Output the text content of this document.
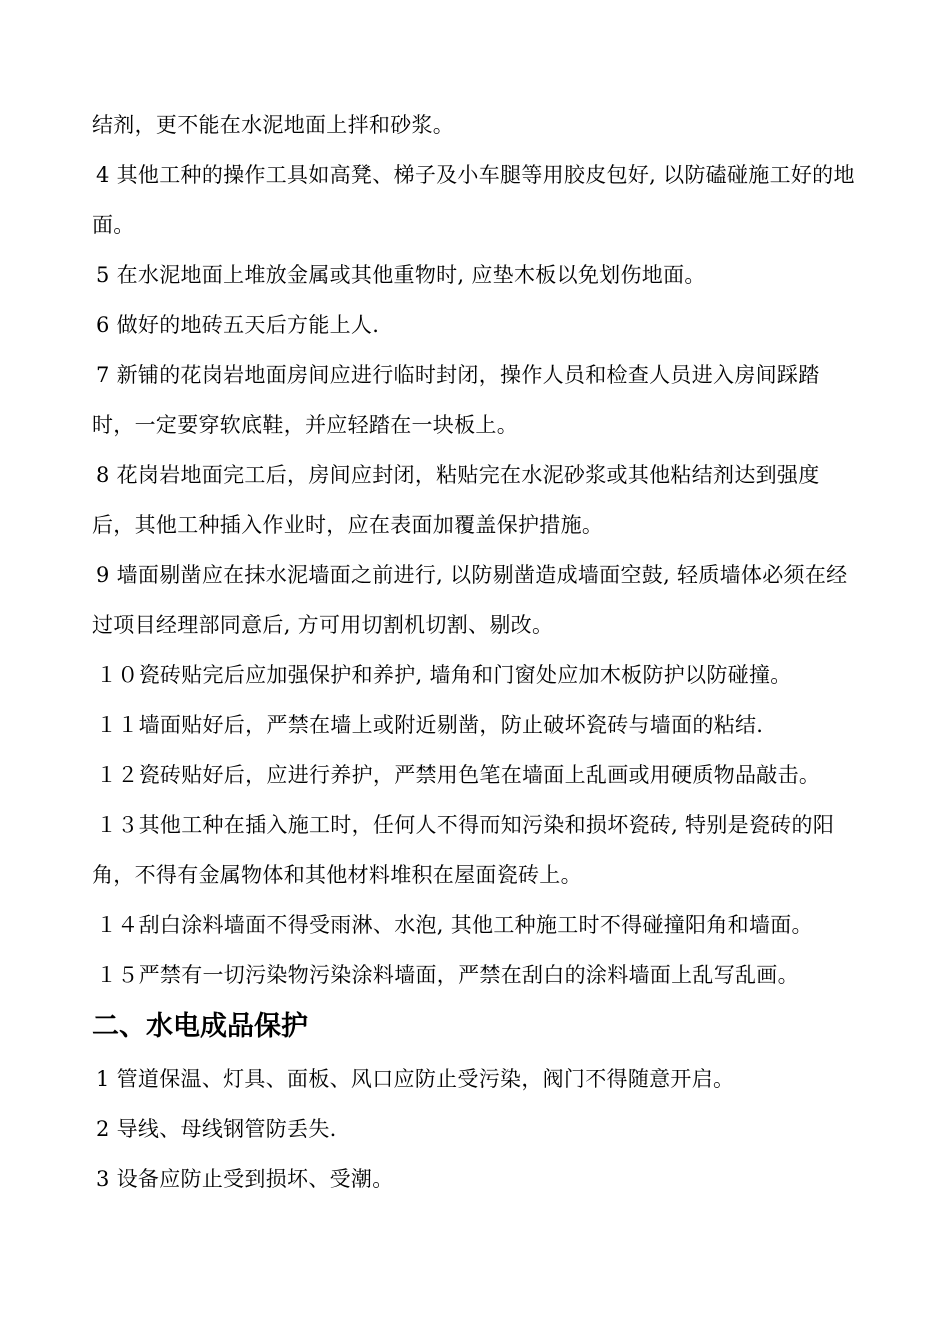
结剂，更不能在水泥地面上拌和砂浆。

4 其他工种的操作工具如高凳、梯子及小车腿等用胶皮包好, 以防磕碰施工好的地面。

5 在水泥地面上堆放金属或其他重物时, 应垫木板以免划伤地面。

6 做好的地砖五天后方能上人.

7 新铺的花岗岩地面房间应进行临时封闭，操作人员和检查人员进入房间踩踏时，一定要穿软底鞋，并应轻踏在一块板上。

8 花岗岩地面完工后，房间应封闭，粘贴完在水泥砂浆或其他粘结剂达到强度后，其他工种插入作业时，应在表面加覆盖保护措施。

9 墙面剔凿应在抹水泥墙面之前进行, 以防剔凿造成墙面空鼓, 轻质墙体必须在经过项目经理部同意后, 方可用切割机切割、剔改。

１０瓷砖贴完后应加强保护和养护, 墙角和门窗处应加木板防护以防碰撞。

１１墙面贴好后，严禁在墙上或附近剔凿，防止破坏瓷砖与墙面的粘结.

１２瓷砖贴好后，应进行养护，严禁用色笔在墙面上乱画或用硬质物品敲击。

１３其他工种在插入施工时，任何人不得而知污染和损坏瓷砖, 特别是瓷砖的阳角，不得有金属物体和其他材料堆积在屋面瓷砖上。

１４刮白涂料墙面不得受雨淋、水泡, 其他工种施工时不得碰撞阳角和墙面。

１５严禁有一切污染物污染涂料墙面，严禁在刮白的涂料墙面上乱写乱画。

二、水电成品保护

1 管道保温、灯具、面板、风口应防止受污染，阀门不得随意开启。

2 导线、母线钢管防丢失.

3 设备应防止受到损坏、受潮。
